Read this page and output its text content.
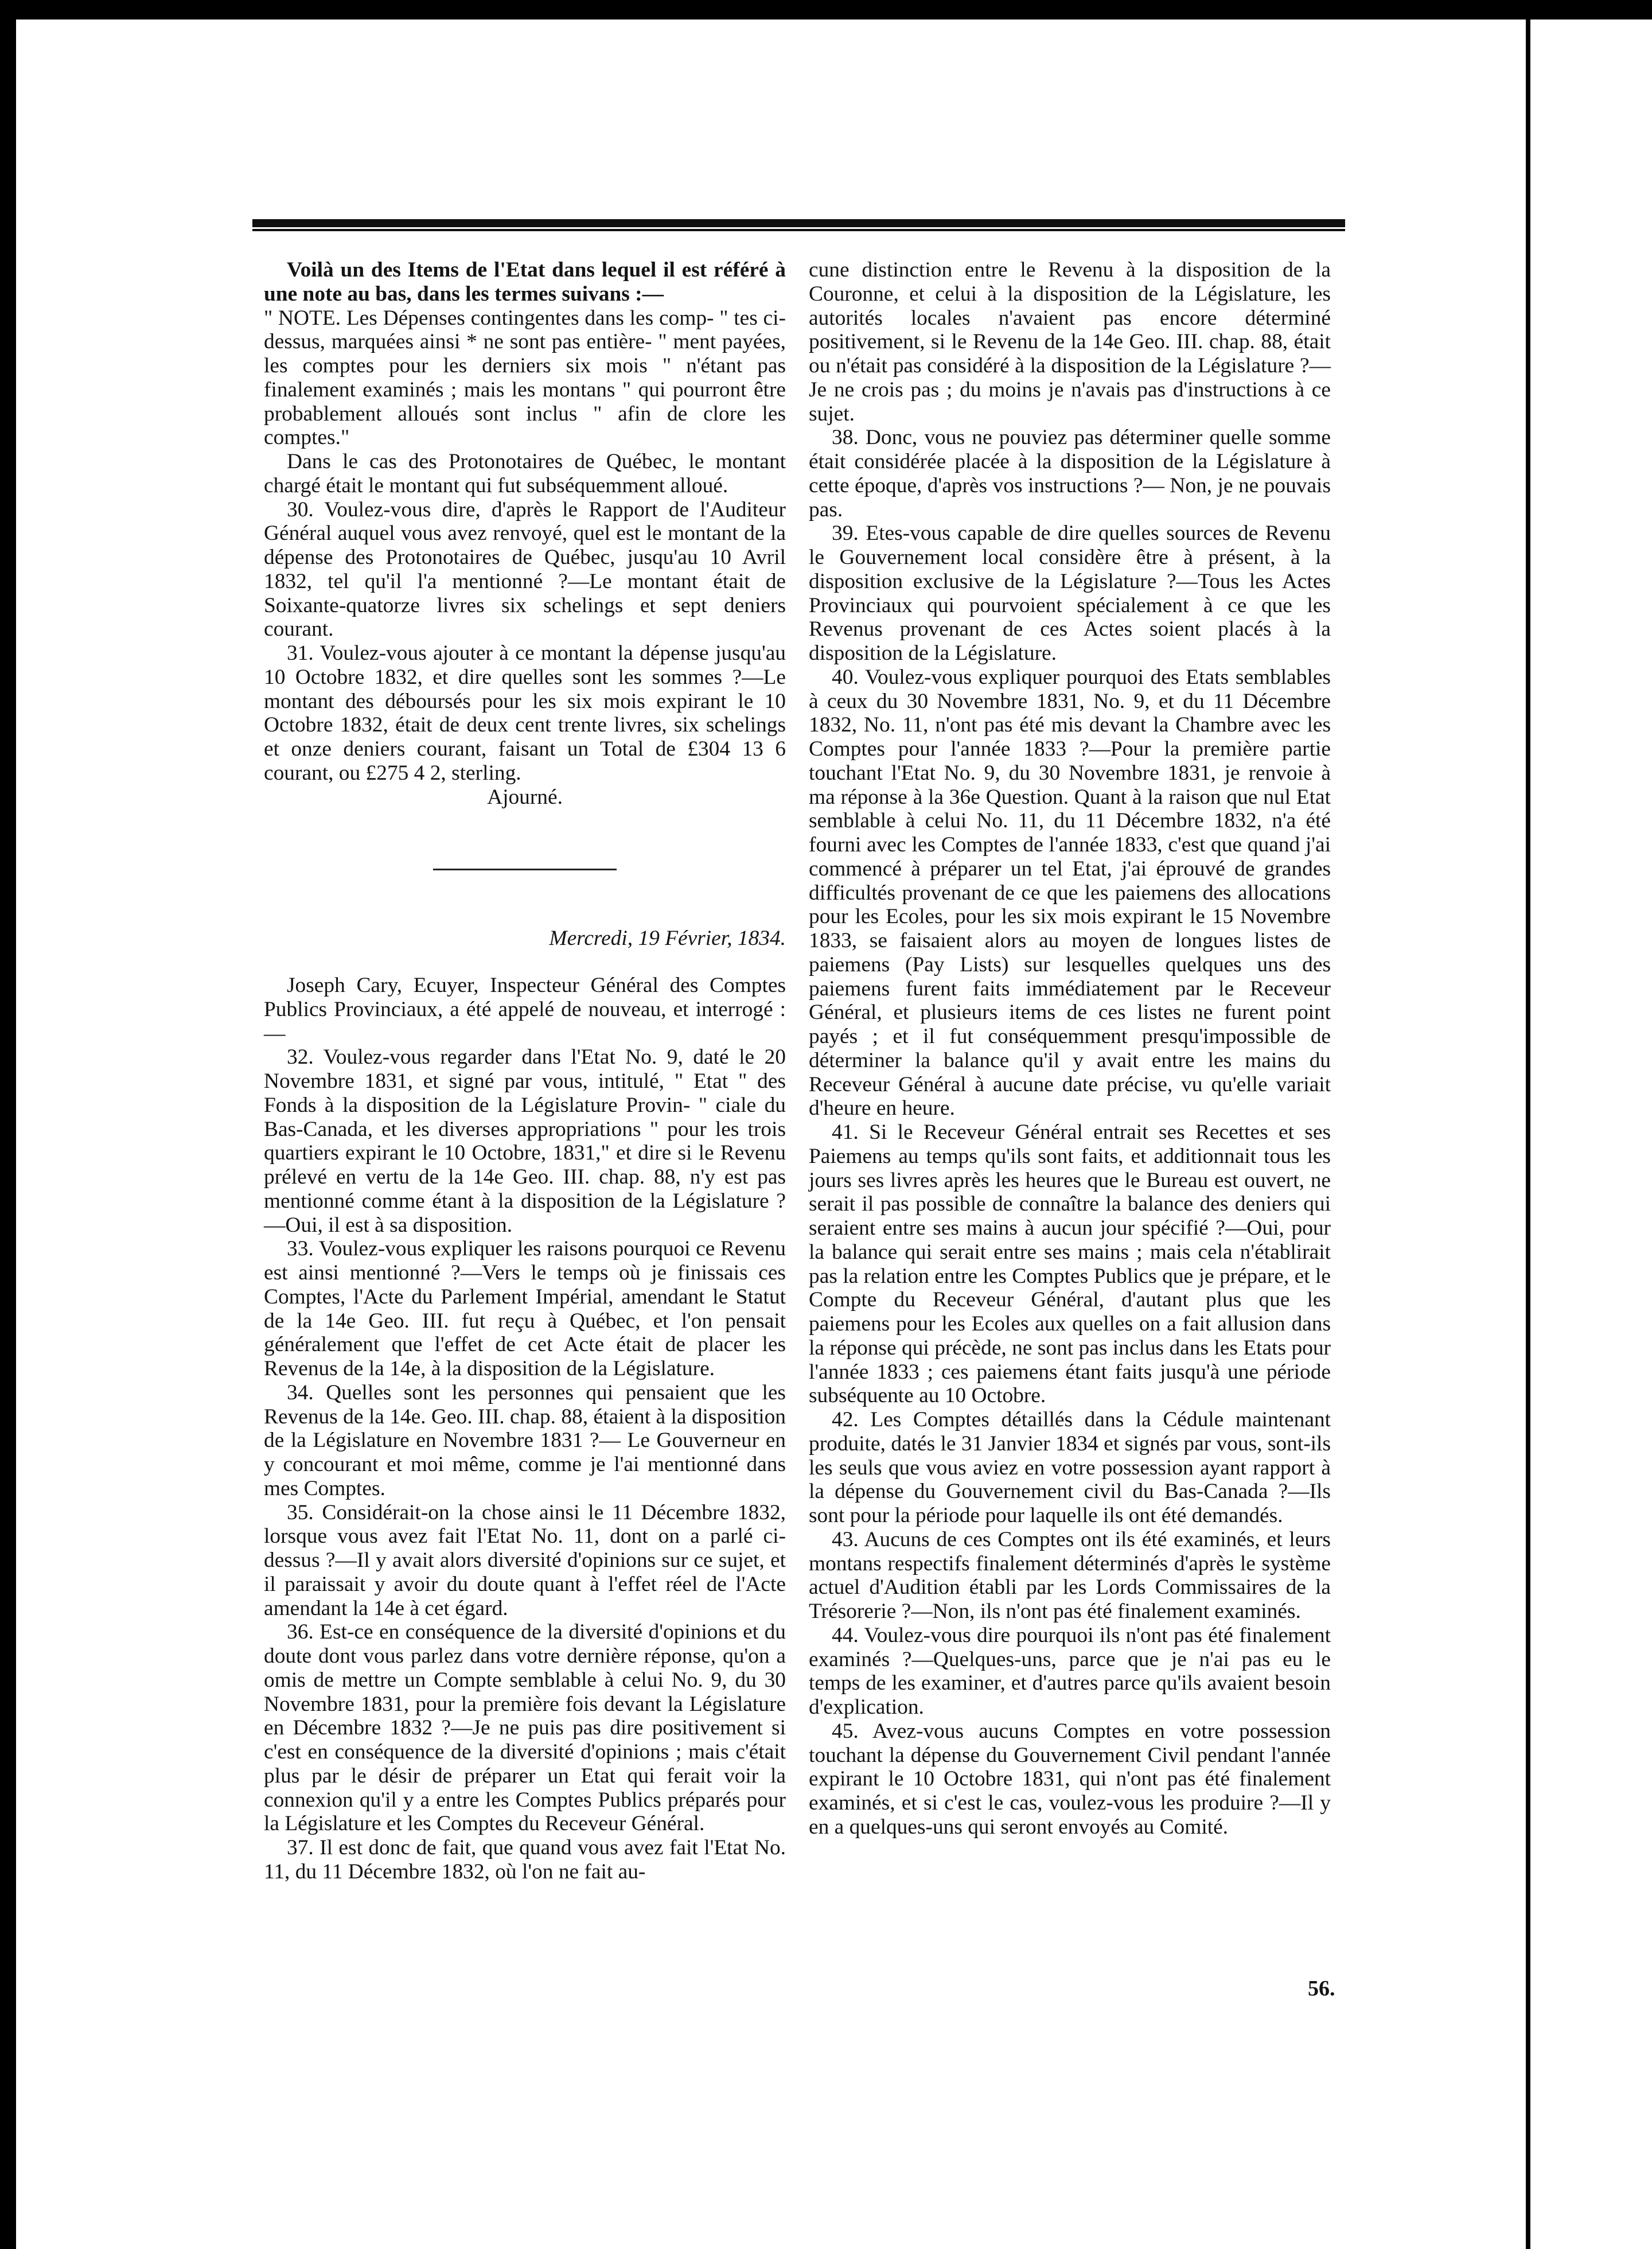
Voilà un des Items de l'Etat dans lequel il est référé à une note au bas, dans les termes suivans :—

" NOTE. Les Dépenses contingentes dans les comp- " tes ci-dessus, marquées ainsi * ne sont pas entière- " ment payées, les comptes pour les derniers six mois " n'étant pas finalement examinés ; mais les montans " qui pourront être probablement alloués sont inclus " afin de clore les comptes."

Dans le cas des Protonotaires de Québec, le montant chargé était le montant qui fut subséquemment alloué.

30. Voulez-vous dire, d'après le Rapport de l'Auditeur Général auquel vous avez renvoyé, quel est le montant de la dépense des Protonotaires de Québec, jusqu'au 10 Avril 1832, tel qu'il l'a mentionné ?—Le montant était de Soixante-quatorze livres six schelings et sept deniers courant.

31. Voulez-vous ajouter à ce montant la dépense jusqu'au 10 Octobre 1832, et dire quelles sont les sommes ?—Le montant des déboursés pour les six mois expirant le 10 Octobre 1832, était de deux cent trente livres, six schelings et onze deniers courant, faisant un Total de £304 13 6 courant, ou £275 4 2, sterling.

Ajourné.

Mercredi, 19 Février, 1834.

Joseph Cary, Ecuyer, Inspecteur Général des Comptes Publics Provinciaux, a été appelé de nouveau, et interrogé :—

32. Voulez-vous regarder dans l'Etat No. 9, daté le 20 Novembre 1831, et signé par vous, intitulé, " Etat " des Fonds à la disposition de la Législature Provin- " ciale du Bas-Canada, et les diverses appropriations " pour les trois quartiers expirant le 10 Octobre, 1831," et dire si le Revenu prélevé en vertu de la 14e Geo. III. chap. 88, n'y est pas mentionné comme étant à la disposition de la Législature ?—Oui, il est à sa disposition.

33. Voulez-vous expliquer les raisons pourquoi ce Revenu est ainsi mentionné ?—Vers le temps où je finissais ces Comptes, l'Acte du Parlement Impérial, amendant le Statut de la 14e Geo. III. fut reçu à Québec, et l'on pensait généralement que l'effet de cet Acte était de placer les Revenus de la 14e, à la disposition de la Législature.

34. Quelles sont les personnes qui pensaient que les Revenus de la 14e. Geo. III. chap. 88, étaient à la disposition de la Législature en Novembre 1831 ?— Le Gouverneur en y concourant et moi même, comme je l'ai mentionné dans mes Comptes.

35. Considérait-on la chose ainsi le 11 Décembre 1832, lorsque vous avez fait l'Etat No. 11, dont on a parlé ci-dessus ?—Il y avait alors diversité d'opinions sur ce sujet, et il paraissait y avoir du doute quant à l'effet réel de l'Acte amendant la 14e à cet égard.

36. Est-ce en conséquence de la diversité d'opinions et du doute dont vous parlez dans votre dernière réponse, qu'on a omis de mettre un Compte semblable à celui No. 9, du 30 Novembre 1831, pour la première fois devant la Législature en Décembre 1832 ?—Je ne puis pas dire positivement si c'est en conséquence de la diversité d'opinions ; mais c'était plus par le désir de préparer un Etat qui ferait voir la connexion qu'il y a entre les Comptes Publics préparés pour la Législature et les Comptes du Receveur Général.

37. Il est donc de fait, que quand vous avez fait l'Etat No. 11, du 11 Décembre 1832, où l'on ne fait au-

cune distinction entre le Revenu à la disposition de la Couronne, et celui à la disposition de la Législature, les autorités locales n'avaient pas encore déterminé positivement, si le Revenu de la 14e Geo. III. chap. 88, était ou n'était pas considéré à la disposition de la Législature ?—Je ne crois pas ; du moins je n'avais pas d'instructions à ce sujet.

38. Donc, vous ne pouviez pas déterminer quelle somme était considérée placée à la disposition de la Législature à cette époque, d'après vos instructions ?— Non, je ne pouvais pas.

39. Etes-vous capable de dire quelles sources de Revenu le Gouvernement local considère être à présent, à la disposition exclusive de la Législature ?—Tous les Actes Provinciaux qui pourvoient spécialement à ce que les Revenus provenant de ces Actes soient placés à la disposition de la Législature.

40. Voulez-vous expliquer pourquoi des Etats semblables à ceux du 30 Novembre 1831, No. 9, et du 11 Décembre 1832, No. 11, n'ont pas été mis devant la Chambre avec les Comptes pour l'année 1833 ?—Pour la première partie touchant l'Etat No. 9, du 30 Novembre 1831, je renvoie à ma réponse à la 36e Question. Quant à la raison que nul Etat semblable à celui No. 11, du 11 Décembre 1832, n'a été fourni avec les Comptes de l'année 1833, c'est que quand j'ai commencé à préparer un tel Etat, j'ai éprouvé de grandes difficultés provenant de ce que les paiemens des allocations pour les Ecoles, pour les six mois expirant le 15 Novembre 1833, se faisaient alors au moyen de longues listes de paiemens (Pay Lists) sur lesquelles quelques uns des paiemens furent faits immédiatement par le Receveur Général, et plusieurs items de ces listes ne furent point payés ; et il fut conséquemment presqu'impossible de déterminer la balance qu'il y avait entre les mains du Receveur Général à aucune date précise, vu qu'elle variait d'heure en heure.

41. Si le Receveur Général entrait ses Recettes et ses Paiemens au temps qu'ils sont faits, et additionnait tous les jours ses livres après les heures que le Bureau est ouvert, ne serait il pas possible de connaître la balance des deniers qui seraient entre ses mains à aucun jour spécifié ?—Oui, pour la balance qui serait entre ses mains ; mais cela n'établirait pas la relation entre les Comptes Publics que je prépare, et le Compte du Receveur Général, d'autant plus que les paiemens pour les Ecoles aux quelles on a fait allusion dans la réponse qui précède, ne sont pas inclus dans les Etats pour l'année 1833 ; ces paiemens étant faits jusqu'à une période subséquente au 10 Octobre.

42. Les Comptes détaillés dans la Cédule maintenant produite, datés le 31 Janvier 1834 et signés par vous, sont-ils les seuls que vous aviez en votre possession ayant rapport à la dépense du Gouvernement civil du Bas-Canada ?—Ils sont pour la période pour laquelle ils ont été demandés.

43. Aucuns de ces Comptes ont ils été examinés, et leurs montans respectifs finalement déterminés d'après le système actuel d'Audition établi par les Lords Commissaires de la Trésorerie ?—Non, ils n'ont pas été finalement examinés.

44. Voulez-vous dire pourquoi ils n'ont pas été finalement examinés ?—Quelques-uns, parce que je n'ai pas eu le temps de les examiner, et d'autres parce qu'ils avaient besoin d'explication.

45. Avez-vous aucuns Comptes en votre possession touchant la dépense du Gouvernement Civil pendant l'année expirant le 10 Octobre 1831, qui n'ont pas été finalement examinés, et si c'est le cas, voulez-vous les produire ?—Il y en a quelques-uns qui seront envoyés au Comité.

56.
